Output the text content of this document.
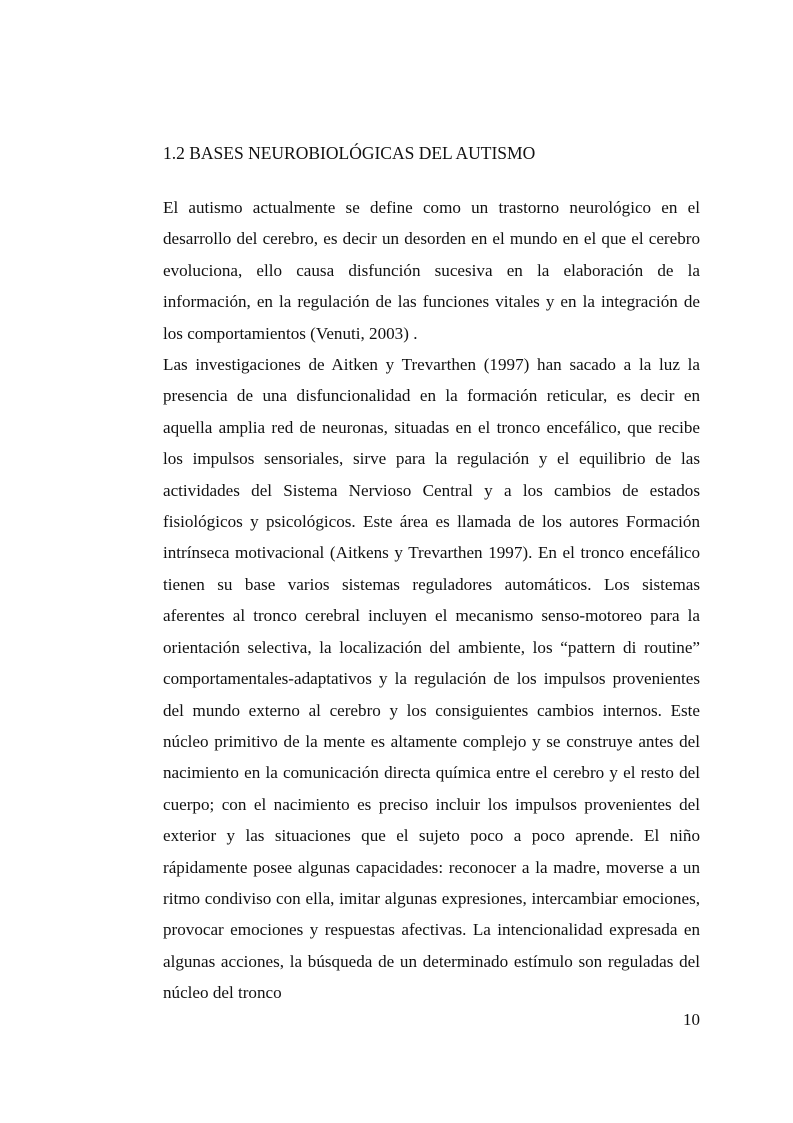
1.2 BASES NEUROBIOLÓGICAS DEL AUTISMO

El autismo actualmente se define como un trastorno neurológico en el desarrollo del cerebro, es decir un desorden en el mundo en el que el cerebro evoluciona, ello causa disfunción sucesiva en la elaboración de la información, en la regulación de las funciones vitales y en la integración de los comportamientos (Venuti, 2003) .

Las investigaciones de Aitken y Trevarthen (1997) han sacado a la luz la presencia de una disfuncionalidad en la formación reticular, es decir en aquella amplia red de neuronas, situadas en el tronco encefálico, que recibe los impulsos sensoriales, sirve para la regulación y el equilibrio de las actividades del Sistema Nervioso Central y a los cambios de estados fisiológicos y psicológicos. Este área es llamada de los autores Formación intrínseca motivacional (Aitkens y Trevarthen 1997). En el tronco encefálico tienen su base varios sistemas reguladores automáticos. Los sistemas aferentes al tronco cerebral incluyen el mecanismo senso-motoreo para la orientación selectiva, la localización del ambiente, los “pattern di routine” comportamentales-adaptativos y la regulación de los impulsos provenientes del mundo externo al cerebro y los consiguientes cambios internos. Este núcleo primitivo de la mente es altamente complejo y se construye antes del nacimiento en la comunicación directa química entre el cerebro y el resto del cuerpo; con el nacimiento es preciso incluir los impulsos provenientes del exterior y las situaciones que el sujeto poco a poco aprende. El niño rápidamente posee algunas capacidades: reconocer a la madre, moverse a un ritmo condiviso con ella, imitar algunas expresiones, intercambiar emociones, provocar emociones y respuestas afectivas. La intencionalidad expresada en algunas acciones, la búsqueda de un determinado estímulo son reguladas del núcleo del tronco

10
